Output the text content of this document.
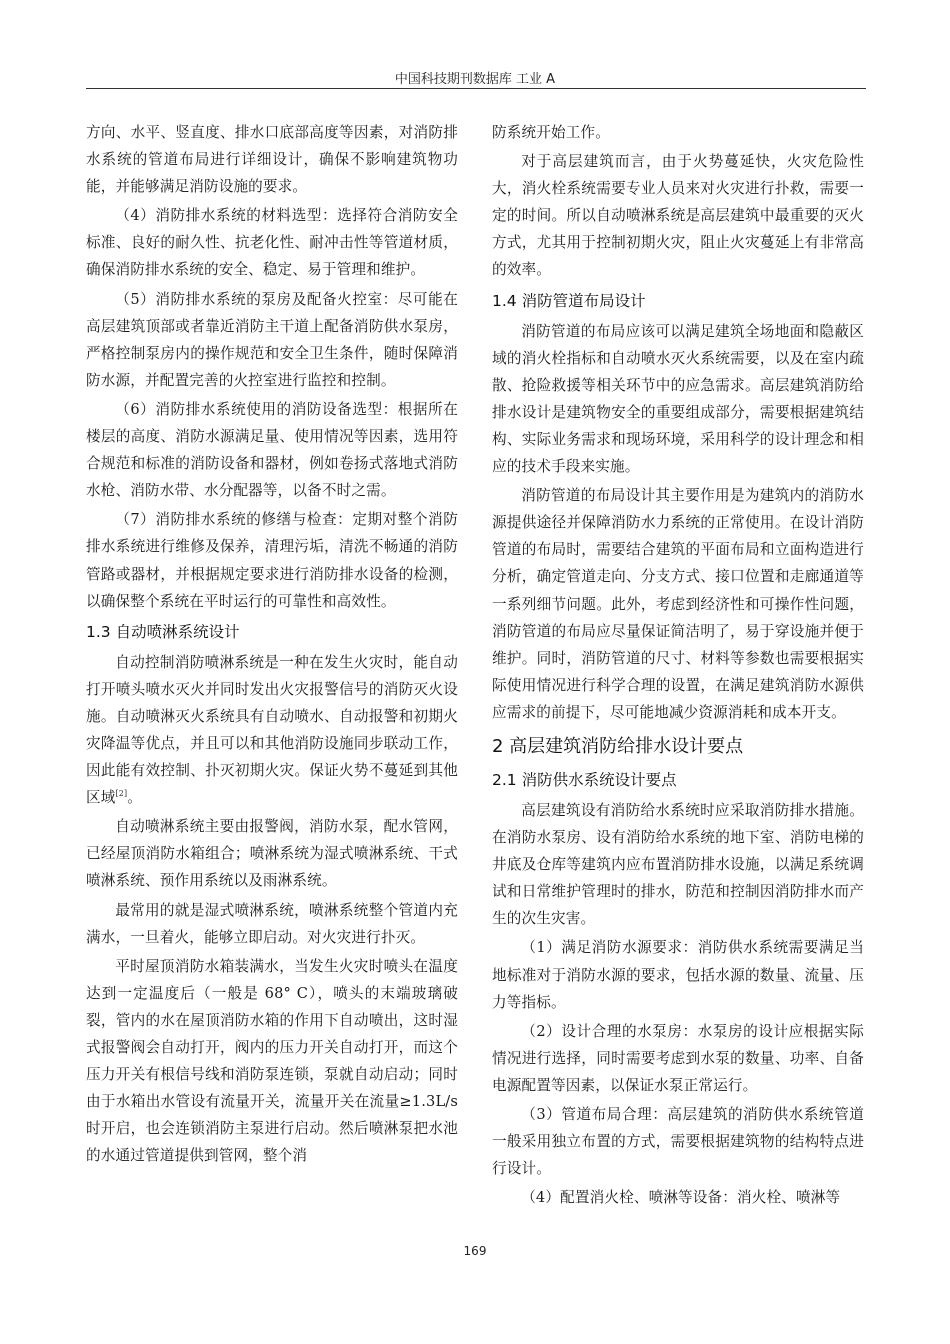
中国科技期刊数据库 工业 A

方向、水平、竖直度、排水口底部高度等因素，对消防排水系统的管道布局进行详细设计，确保不影响建筑物功能，并能够满足消防设施的要求。

（4）消防排水系统的材料选型：选择符合消防安全标准、良好的耐久性、抗老化性、耐冲击性等管道材质，确保消防排水系统的安全、稳定、易于管理和维护。

（5）消防排水系统的泵房及配备火控室：尽可能在高层建筑顶部或者靠近消防主干道上配备消防供水泵房，严格控制泵房内的操作规范和安全卫生条件，随时保障消防水源，并配置完善的火控室进行监控和控制。

（6）消防排水系统使用的消防设备选型：根据所在楼层的高度、消防水源满足量、使用情况等因素，选用符合规范和标准的消防设备和器材，例如卷扬式落地式消防水枪、消防水带、水分配器等，以备不时之需。

（7）消防排水系统的修缮与检查：定期对整个消防排水系统进行维修及保养，清理污垢，清洗不畅通的消防管路或器材，并根据规定要求进行消防排水设备的检测，以确保整个系统在平时运行的可靠性和高效性。

1.3 自动喷淋系统设计

自动控制消防喷淋系统是一种在发生火灾时，能自动打开喷头喷水灭火并同时发出火灾报警信号的消防灭火设施。自动喷淋灭火系统具有自动喷水、自动报警和初期火灾降温等优点，并且可以和其他消防设施同步联动工作，因此能有效控制、扑灭初期火灾。保证火势不蔓延到其他区域[2]。

自动喷淋系统主要由报警阀，消防水泵，配水管网，已经屋顶消防水箱组合；喷淋系统为湿式喷淋系统、干式喷淋系统、预作用系统以及雨淋系统。

最常用的就是湿式喷淋系统，喷淋系统整个管道内充满水，一旦着火，能够立即启动。对火灾进行扑灭。

平时屋顶消防水箱装满水，当发生火灾时喷头在温度达到一定温度后（一般是 68° C），喷头的末端玻璃破裂，管内的水在屋顶消防水箱的作用下自动喷出，这时湿式报警阀会自动打开，阀内的压力开关自动打开，而这个压力开关有根信号线和消防泵连锁，泵就自动启动；同时由于水箱出水管设有流量开关，流量开关在流量≥1.3L/s 时开启，也会连锁消防主泵进行启动。然后喷淋泵把水池的水通过管道提供到管网，整个消

防系统开始工作。

对于高层建筑而言，由于火势蔓延快，火灾危险性大，消火栓系统需要专业人员来对火灾进行扑救，需要一定的时间。所以自动喷淋系统是高层建筑中最重要的灭火方式，尤其用于控制初期火灾，阻止火灾蔓延上有非常高的效率。

1.4 消防管道布局设计

消防管道的布局应该可以满足建筑全场地面和隐蔽区域的消火栓指标和自动喷水灭火系统需要，以及在室内疏散、抢险救援等相关环节中的应急需求。高层建筑消防给排水设计是建筑物安全的重要组成部分，需要根据建筑结构、实际业务需求和现场环境，采用科学的设计理念和相应的技术手段来实施。

消防管道的布局设计其主要作用是为建筑内的消防水源提供途径并保障消防水力系统的正常使用。在设计消防管道的布局时，需要结合建筑的平面布局和立面构造进行分析，确定管道走向、分支方式、接口位置和走廊通道等一系列细节问题。此外，考虑到经济性和可操作性问题，消防管道的布局应尽量保证简洁明了，易于穿设施并便于维护。同时，消防管道的尺寸、材料等参数也需要根据实际使用情况进行科学合理的设置，在满足建筑消防水源供应需求的前提下，尽可能地减少资源消耗和成本开支。

2 高层建筑消防给排水设计要点
2.1 消防供水系统设计要点

高层建筑设有消防给水系统时应采取消防排水措施。在消防水泵房、设有消防给水系统的地下室、消防电梯的井底及仓库等建筑内应布置消防排水设施，以满足系统调试和日常维护管理时的排水，防范和控制因消防排水而产生的次生灾害。

（1）满足消防水源要求：消防供水系统需要满足当地标准对于消防水源的要求，包括水源的数量、流量、压力等指标。

（2）设计合理的水泵房：水泵房的设计应根据实际情况进行选择，同时需要考虑到水泵的数量、功率、自备电源配置等因素，以保证水泵正常运行。

（3）管道布局合理：高层建筑的消防供水系统管道一般采用独立布置的方式，需要根据建筑物的结构特点进行设计。

（4）配置消火栓、喷淋等设备：消火栓、喷淋等

169
